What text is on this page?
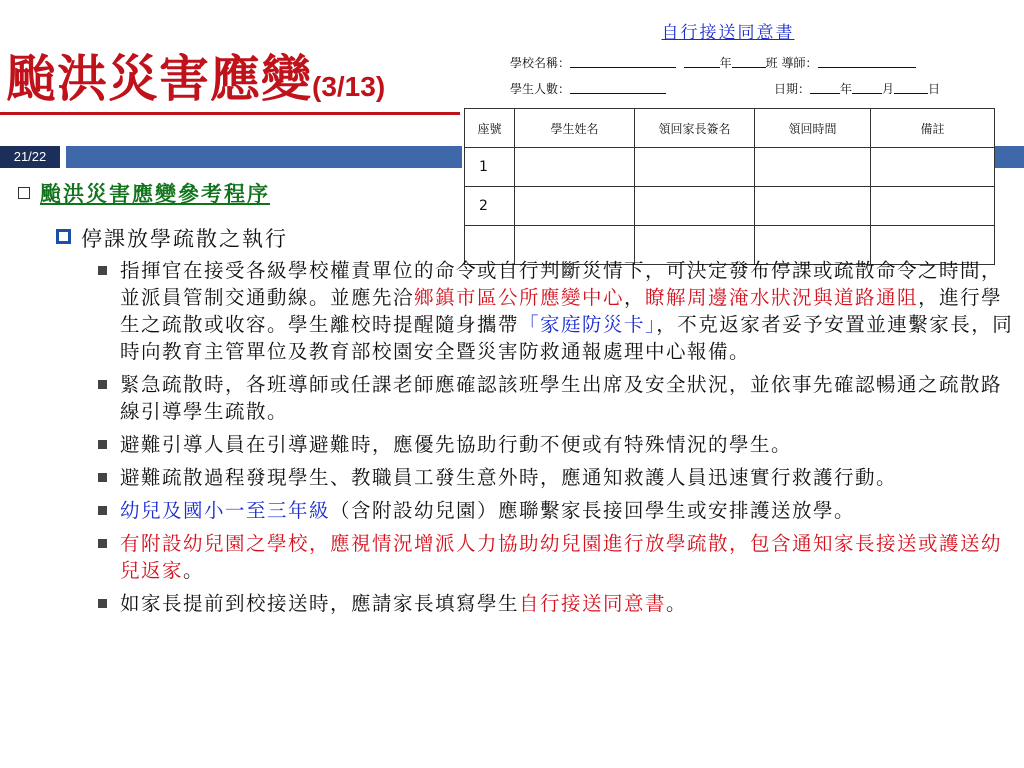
颱洪災害應變(3/13)
21/22
自行接送同意書
學校名稱：	年	班 導師：
學生人數：	日期：	年	月	日
座號	學生姓名	領回家長簽名	領回時間	備註
1				
2				

颱洪災害應變參考程序
停課放學疏散之執行
指揮官在接受各級學校權責單位的命令或自行判斷災情下，可決定發布停課或疏散命令之時間，並派員管制交通動線。並應先洽鄉鎮市區公所應變中心，瞭解周邊淹水狀況與道路通阻，進行學生之疏散或收容。學生離校時提醒隨身攜帶「家庭防災卡」，不克返家者妥予安置並連繫家長，同時向教育主管單位及教育部校園安全暨災害防救通報處理中心報備。
緊急疏散時，各班導師或任課老師應確認該班學生出席及安全狀況，並依事先確認暢通之疏散路線引導學生疏散。
避難引導人員在引導避難時，應優先協助行動不便或有特殊情況的學生。
避難疏散過程發現學生、教職員工發生意外時，應通知救護人員迅速實行救護行動。
幼兒及國小一至三年級（含附設幼兒園）應聯繫家長接回學生或安排護送放學。
有附設幼兒園之學校，應視情況增派人力協助幼兒園進行放學疏散，包含通知家長接送或護送幼兒返家。
如家長提前到校接送時，應請家長填寫學生自行接送同意書。
